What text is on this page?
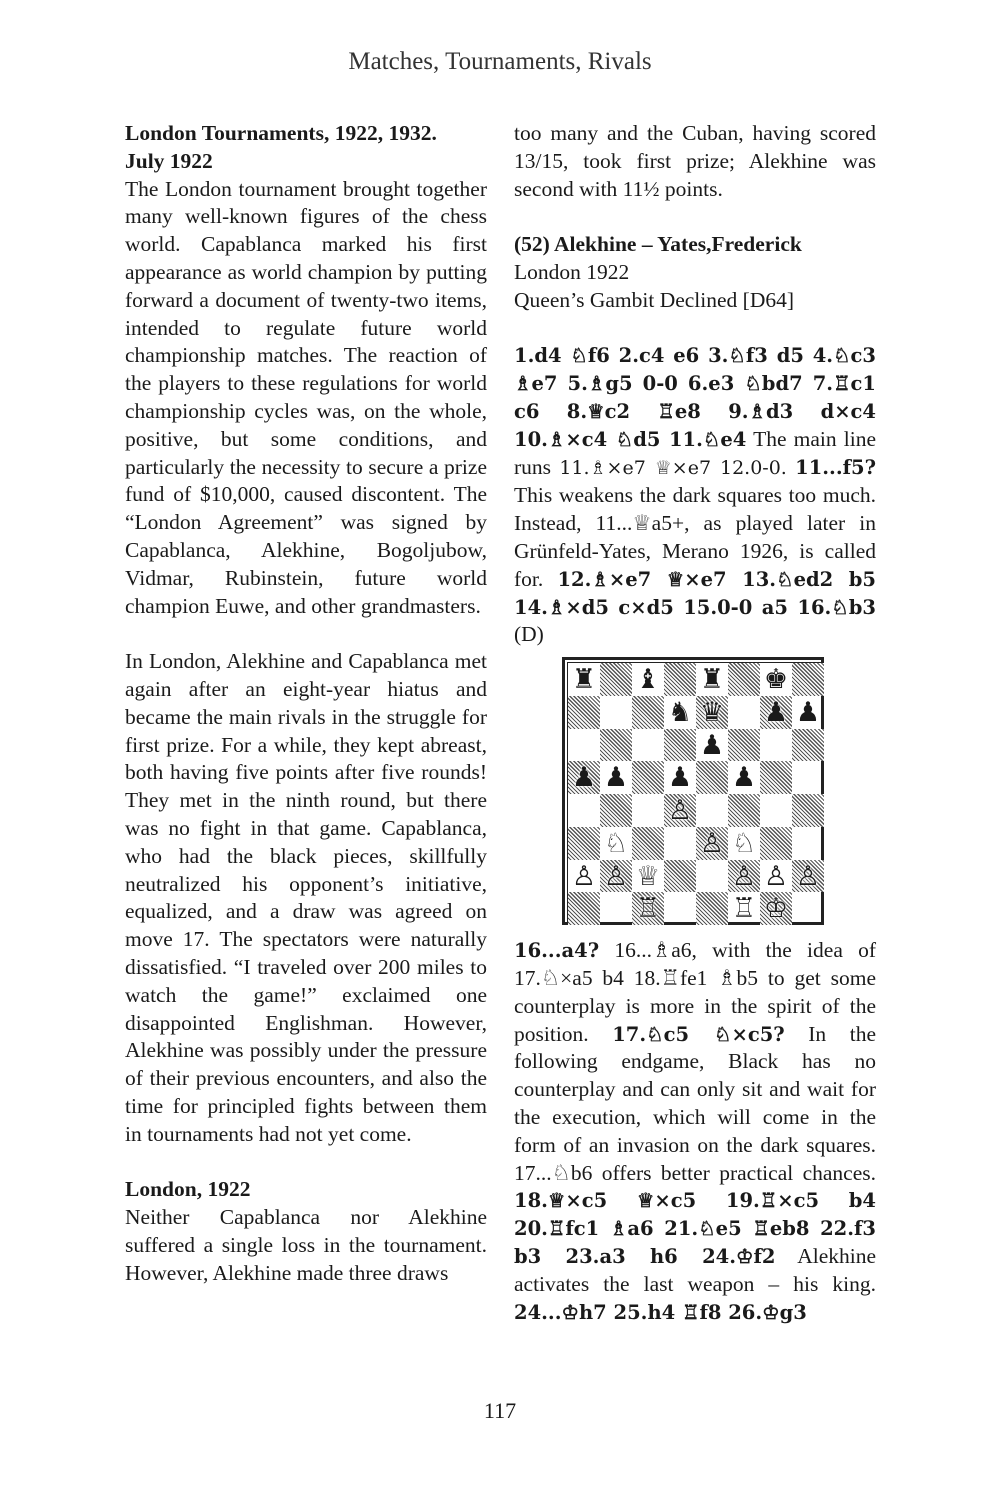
Matches, Tournaments, Rivals

London Tournaments, 1922, 1932.
July 1922

The London tournament brought together many well-known figures of the chess world. Capablanca marked his first appearance as world champion by putting forward a document of twenty-two items, intended to regulate future world championship matches. The reaction of the players to these regulations for world championship cycles was, on the whole, positive, but some conditions, and particularly the necessity to secure a prize fund of $10,000, caused discontent. The “London Agreement” was signed by Capablanca, Alekhine, Bogoljubow, Vidmar, Rubinstein, future world champion Euwe, and other grandmasters.

In London, Alekhine and Capablanca met again after an eight-year hiatus and became the main rivals in the struggle for first prize. For a while, they kept abreast, both having five points after five rounds! They met in the ninth round, but there was no fight in that game. Capablanca, who had the black pieces, skillfully neutralized his opponent’s initiative, equalized, and a draw was agreed on move 17. The spectators were naturally dissatisfied. “I traveled over 200 miles to watch the game!” exclaimed one disappointed Englishman. However, Alekhine was possibly under the pressure of their previous encounters, and also the time for principled fights between them in tournaments had not yet come.

London, 1922

Neither Capablanca nor Alekhine suffered a single loss in the tournament. However, Alekhine made three draws

too many and the Cuban, having scored 13/15, took first prize; Alekhine was second with 11½ points.

(52) Alekhine – Yates,Frederick

London 1922

Queen’s Gambit Declined [D64]

1.d4 ♘f6 2.c4 e6 3.♘f3 d5 4.♘c3 ♗e7 5.♗g5 0-0 6.e3 ♘bd7 7.♖c1 c6 8.♕c2 ♖e8 9.♗d3 d×c4 10.♗×c4 ♘d5 11.♘e4 The main line runs 11.♗×e7 ♕×e7 12.0-0. 11...f5? This weakens the dark squares too much. Instead, 11...♕a5+, as played later in Grünfeld-Yates, Merano 1926, is called for. 12.♗×e7 ♕×e7 13.♘ed2 b5 14.♗×d5 c×d5 15.0-0 a5 16.♘b3 (D)

♜ ♝ ♜ ♚
♞ ♛ ♟ ♟
♟
♟ ♟ ♟ ♟
♙
♘	♙ ♘
♙ ♙ ♕	♙ ♙ ♙
♖	♖ ♔

16...a4? 16...♗a6, with the idea of 17.♘×a5 b4 18.♖fe1 ♗b5 to get some counterplay is more in the spirit of the position. 17.♘c5 ♘×c5? In the following endgame, Black has no counterplay and can only sit and wait for the execution, which will come in the form of an invasion on the dark squares. 17...♘b6 offers better practical chances. 18.♕×c5 ♕×c5 19.♖×c5 b4 20.♖fc1 ♗a6 21.♘e5 ♖eb8 22.f3 b3 23.a3 h6 24.♔f2 Alekhine activates the last weapon – his king. 24...♔h7 25.h4 ♖f8 26.♔g3

117
